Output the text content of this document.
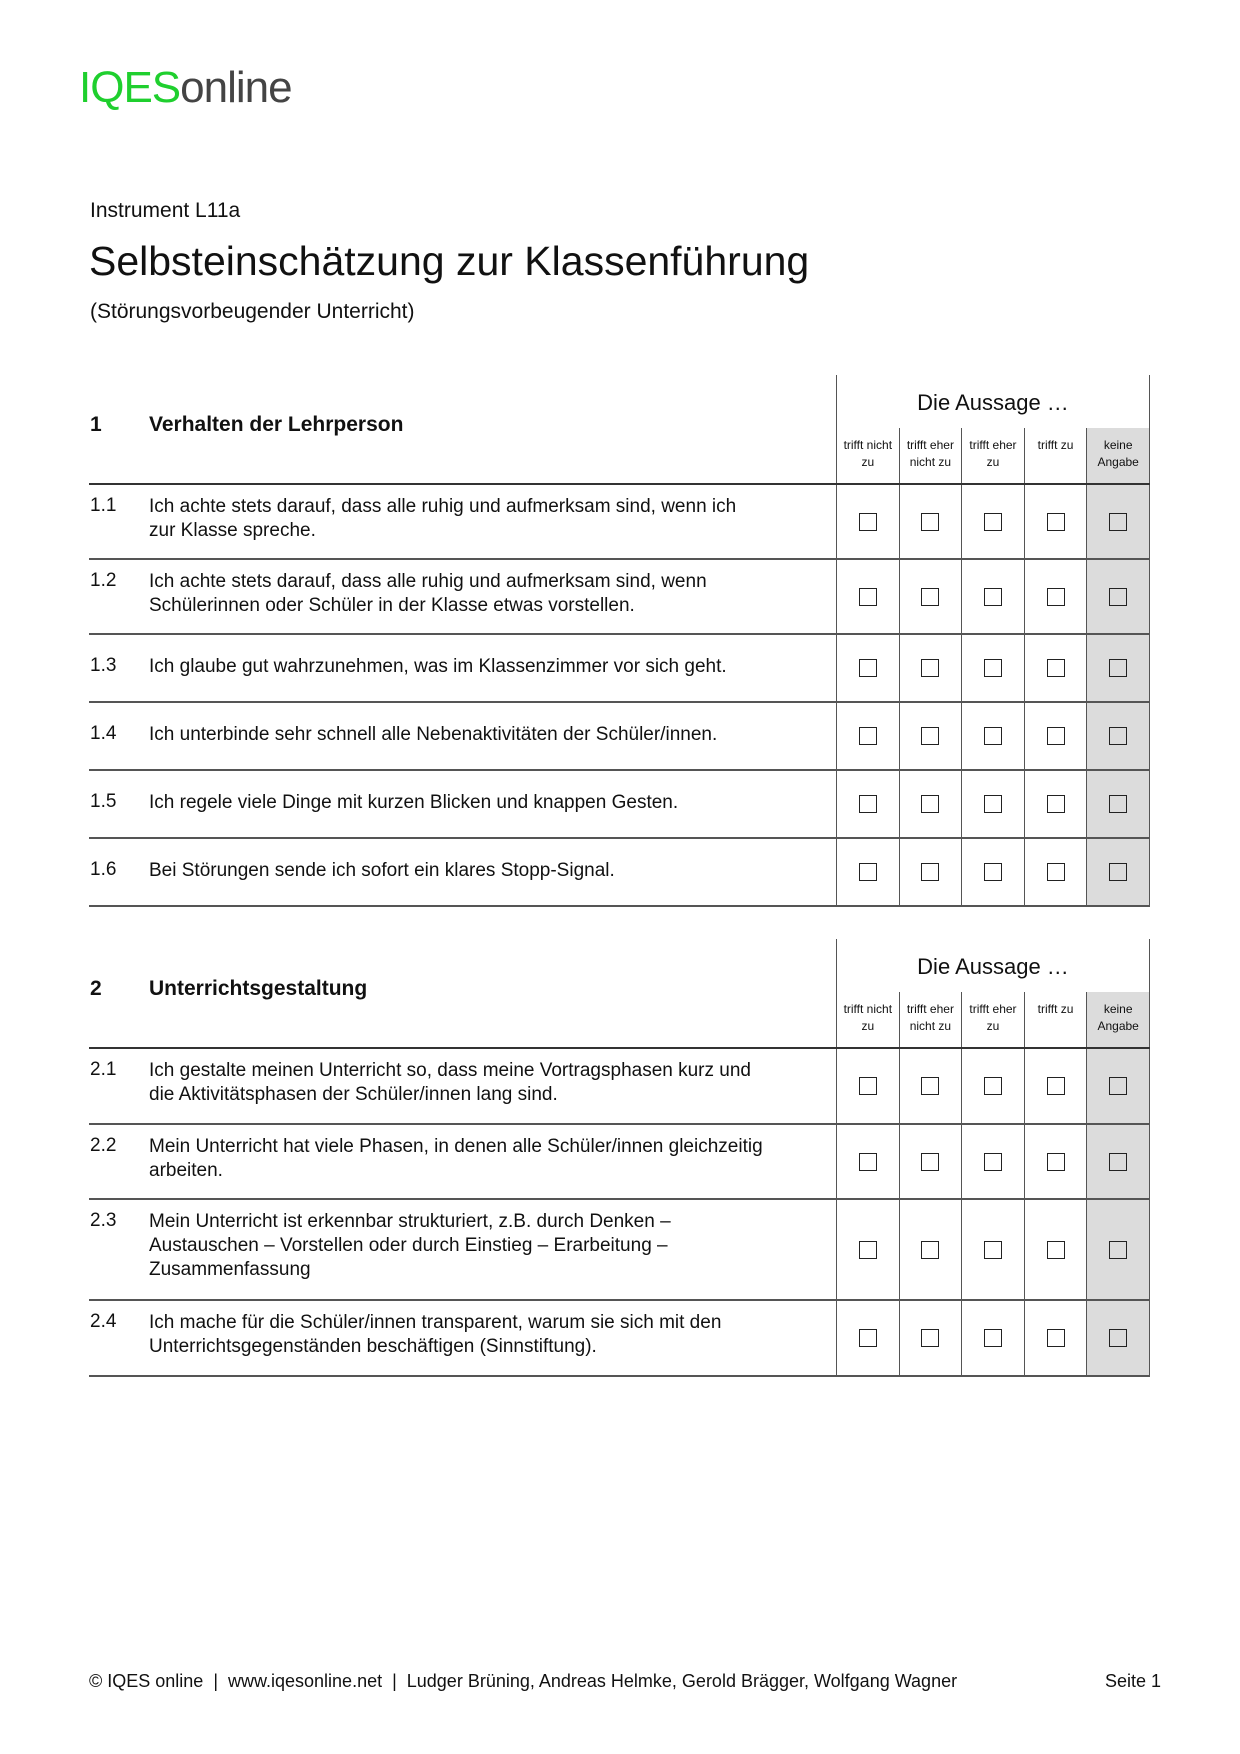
IQESonline
Instrument L11a
Selbsteinschätzung zur Klassenführung
(Störungsvorbeugender Unterricht)
1 Verhalten der Lehrperson
Die Aussage …
trifft nicht zu
trifft eher nicht zu
trifft eher zu
trifft zu	keine Angabe
1.1 Ich achte stets darauf, dass alle ruhig und aufmerksam sind, wenn ich
zur Klasse spreche.
1.2 Ich achte stets darauf, dass alle ruhig und aufmerksam sind, wenn
Schülerinnen oder Schüler in der Klasse etwas vorstellen.
1.3 Ich glaube gut wahrzunehmen, was im Klassenzimmer vor sich geht.
1.4 Ich unterbinde sehr schnell alle Nebenaktivitäten der Schüler/innen.
1.5 Ich regele viele Dinge mit kurzen Blicken und knappen Gesten.
1.6 Bei Störungen sende ich sofort ein klares Stopp-Signal.
2 Unterrichtsgestaltung
Die Aussage …
trifft nicht zu
trifft eher nicht zu
trifft eher zu
trifft zu	keine Angabe
2.1 Ich gestalte meinen Unterricht so, dass meine Vortragsphasen kurz und
die Aktivitätsphasen der Schüler/innen lang sind.
2.2 Mein Unterricht hat viele Phasen, in denen alle Schüler/innen gleichzeitig
arbeiten.
2.3 Mein Unterricht ist erkennbar strukturiert, z.B. durch Denken –
Austauschen – Vorstellen oder durch Einstieg – Erarbeitung –
Zusammenfassung
2.4 Ich mache für die Schüler/innen transparent, warum sie sich mit den
Unterrichtsgegenständen beschäftigen (Sinnstiftung).
© IQES online  |  www.iqesonline.net  |  Ludger Brüning, Andreas Helmke, Gerold Brägger, Wolfgang Wagner	Seite 1
